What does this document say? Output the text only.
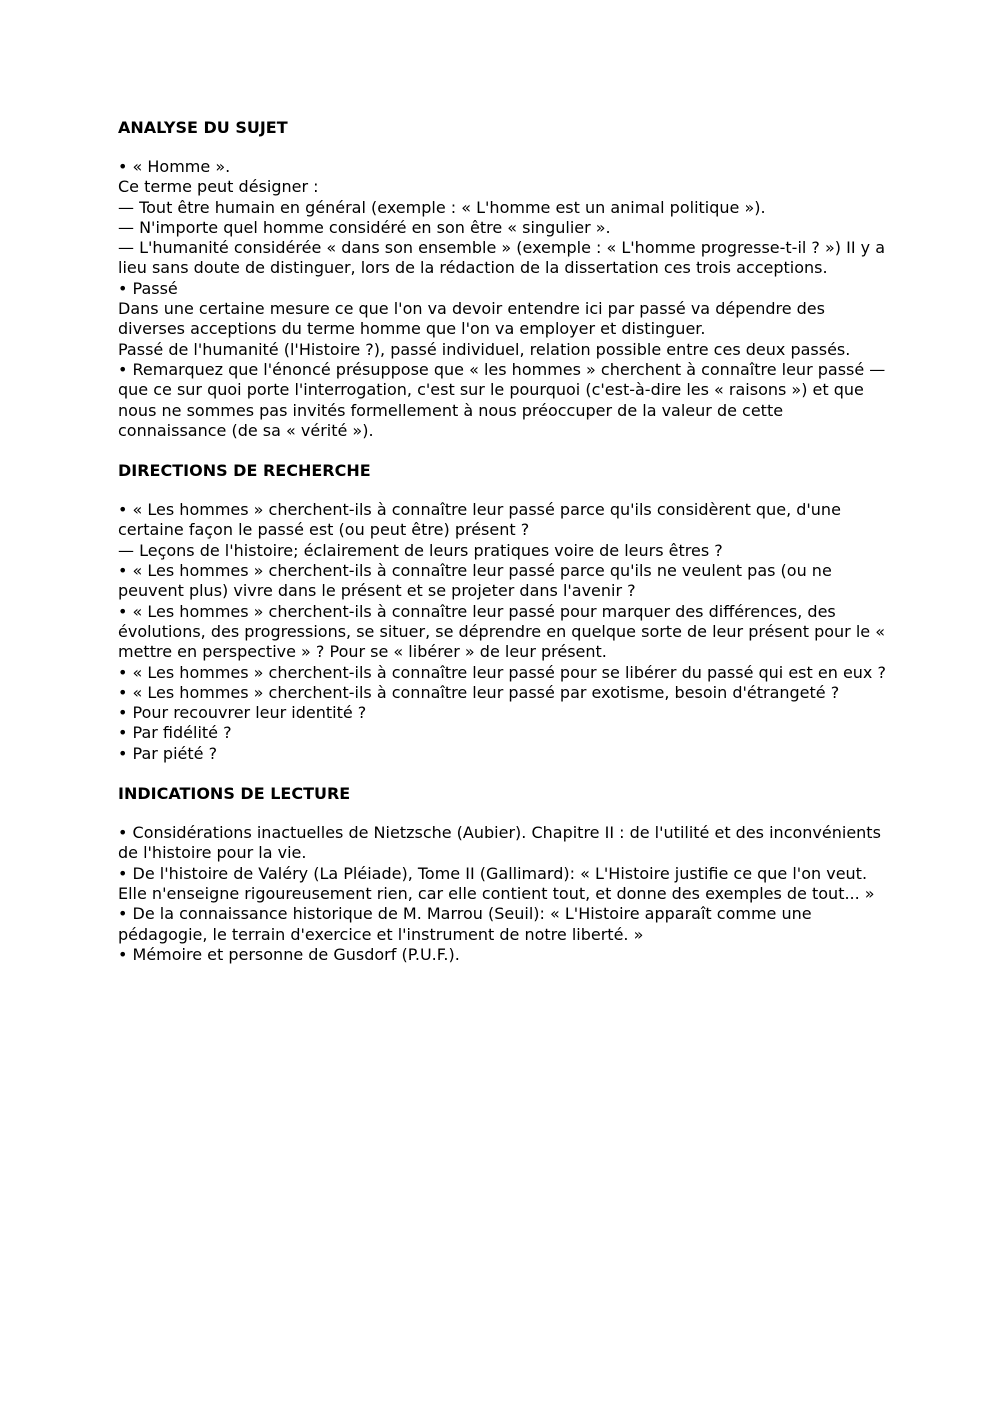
ANALYSE DU SUJET

• « Homme ».

Ce terme peut désigner :

— Tout être humain en général (exemple : « L'homme est un animal politique »).

— N'importe quel homme considéré en son être « singulier ».

— L'humanité considérée « dans son ensemble » (exemple : « L'homme progresse-t-il ? ») II y a lieu sans doute de distinguer, lors de la rédaction de la dissertation ces trois acceptions.

• Passé

Dans une certaine mesure ce que l'on va devoir entendre ici par passé va dépendre des diverses acceptions du terme homme que l'on va employer et distinguer.

Passé de l'humanité (l'Histoire ?), passé individuel, relation possible entre ces deux passés.

• Remarquez que l'énoncé présuppose que « les hommes » cherchent à connaître leur passé — que ce sur quoi porte l'interrogation, c'est sur le pourquoi (c'est-à-dire les « raisons ») et que nous ne sommes pas invités formellement à nous préoccuper de la valeur de cette connaissance (de sa « vérité »).

DIRECTIONS DE RECHERCHE

• « Les hommes » cherchent-ils à connaître leur passé parce qu'ils considèrent que, d'une certaine façon le passé est (ou peut être) présent ?

— Leçons de l'histoire; éclairement de leurs pratiques voire de leurs êtres ?

• « Les hommes » cherchent-ils à connaître leur passé parce qu'ils ne veulent pas (ou ne peuvent plus) vivre dans le présent et se projeter dans l'avenir ?

• « Les hommes » cherchent-ils à connaître leur passé pour marquer des différences, des évolutions, des progressions, se situer, se déprendre en quelque sorte de leur présent pour le « mettre en perspective » ? Pour se « libérer » de leur présent.

• « Les hommes » cherchent-ils à connaître leur passé pour se libérer du passé qui est en eux ?

• « Les hommes » cherchent-ils à connaître leur passé par exotisme, besoin d'étrangeté ?

• Pour recouvrer leur identité ?

• Par fidélité ?

• Par piété ?

INDICATIONS DE LECTURE

• Considérations inactuelles de Nietzsche (Aubier). Chapitre II : de l'utilité et des inconvénients de l'histoire pour la vie.

• De l'histoire de Valéry (La Pléiade), Tome II (Gallimard): « L'Histoire justifie ce que l'on veut. Elle n'enseigne rigoureusement rien, car elle contient tout, et donne des exemples de tout... »

• De la connaissance historique de M. Marrou (Seuil): « L'Histoire apparaît comme une pédagogie, le terrain d'exercice et l'instrument de notre liberté. »

• Mémoire et personne de Gusdorf (P.U.F.).
